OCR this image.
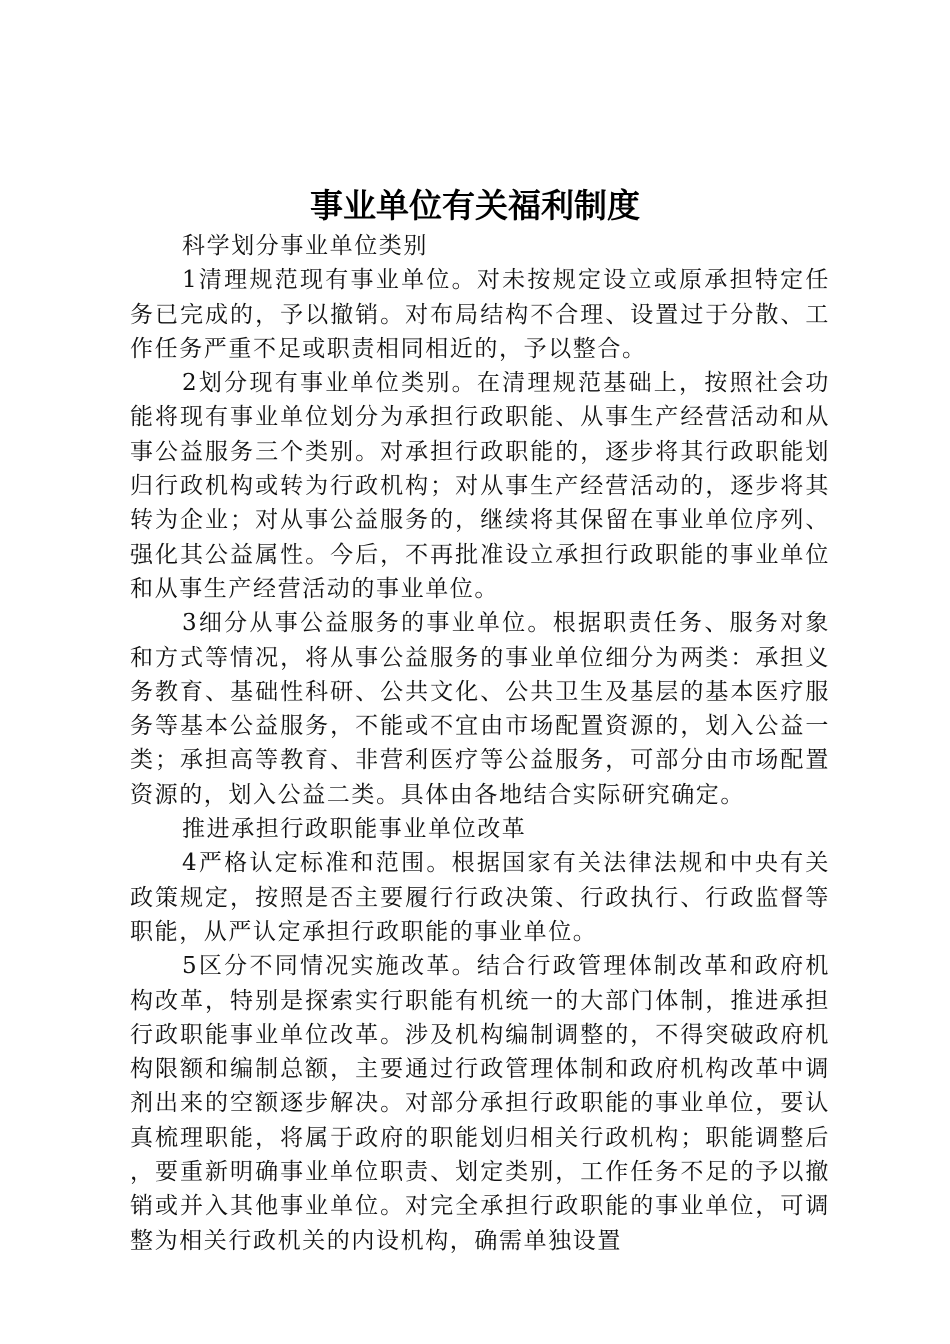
事业单位有关福利制度

科学划分事业单位类别

1清理规范现有事业单位。对未按规定设立或原承担特定任务已完成的，予以撤销。对布局结构不合理、设置过于分散、工作任务严重不足或职责相同相近的，予以整合。

2划分现有事业单位类别。在清理规范基础上，按照社会功能将现有事业单位划分为承担行政职能、从事生产经营活动和从事公益服务三个类别。对承担行政职能的，逐步将其行政职能划归行政机构或转为行政机构；对从事生产经营活动的，逐步将其转为企业；对从事公益服务的，继续将其保留在事业单位序列、强化其公益属性。今后，不再批准设立承担行政职能的事业单位和从事生产经营活动的事业单位。

3细分从事公益服务的事业单位。根据职责任务、服务对象和方式等情况，将从事公益服务的事业单位细分为两类：承担义务教育、基础性科研、公共文化、公共卫生及基层的基本医疗服务等基本公益服务，不能或不宜由市场配置资源的，划入公益一类；承担高等教育、非营利医疗等公益服务，可部分由市场配置资源的，划入公益二类。具体由各地结合实际研究确定。

推进承担行政职能事业单位改革

4严格认定标准和范围。根据国家有关法律法规和中央有关政策规定，按照是否主要履行行政决策、行政执行、行政监督等职能，从严认定承担行政职能的事业单位。

5区分不同情况实施改革。结合行政管理体制改革和政府机构改革，特别是探索实行职能有机统一的大部门体制，推进承担行政职能事业单位改革。涉及机构编制调整的，不得突破政府机构限额和编制总额，主要通过行政管理体制和政府机构改革中调剂出来的空额逐步解决。对部分承担行政职能的事业单位，要认真梳理职能，将属于政府的职能划归相关行政机构；职能调整后，要重新明确事业单位职责、划定类别，工作任务不足的予以撤销或并入其他事业单位。对完全承担行政职能的事业单位，可调整为相关行政机关的内设机构，确需单独设置
